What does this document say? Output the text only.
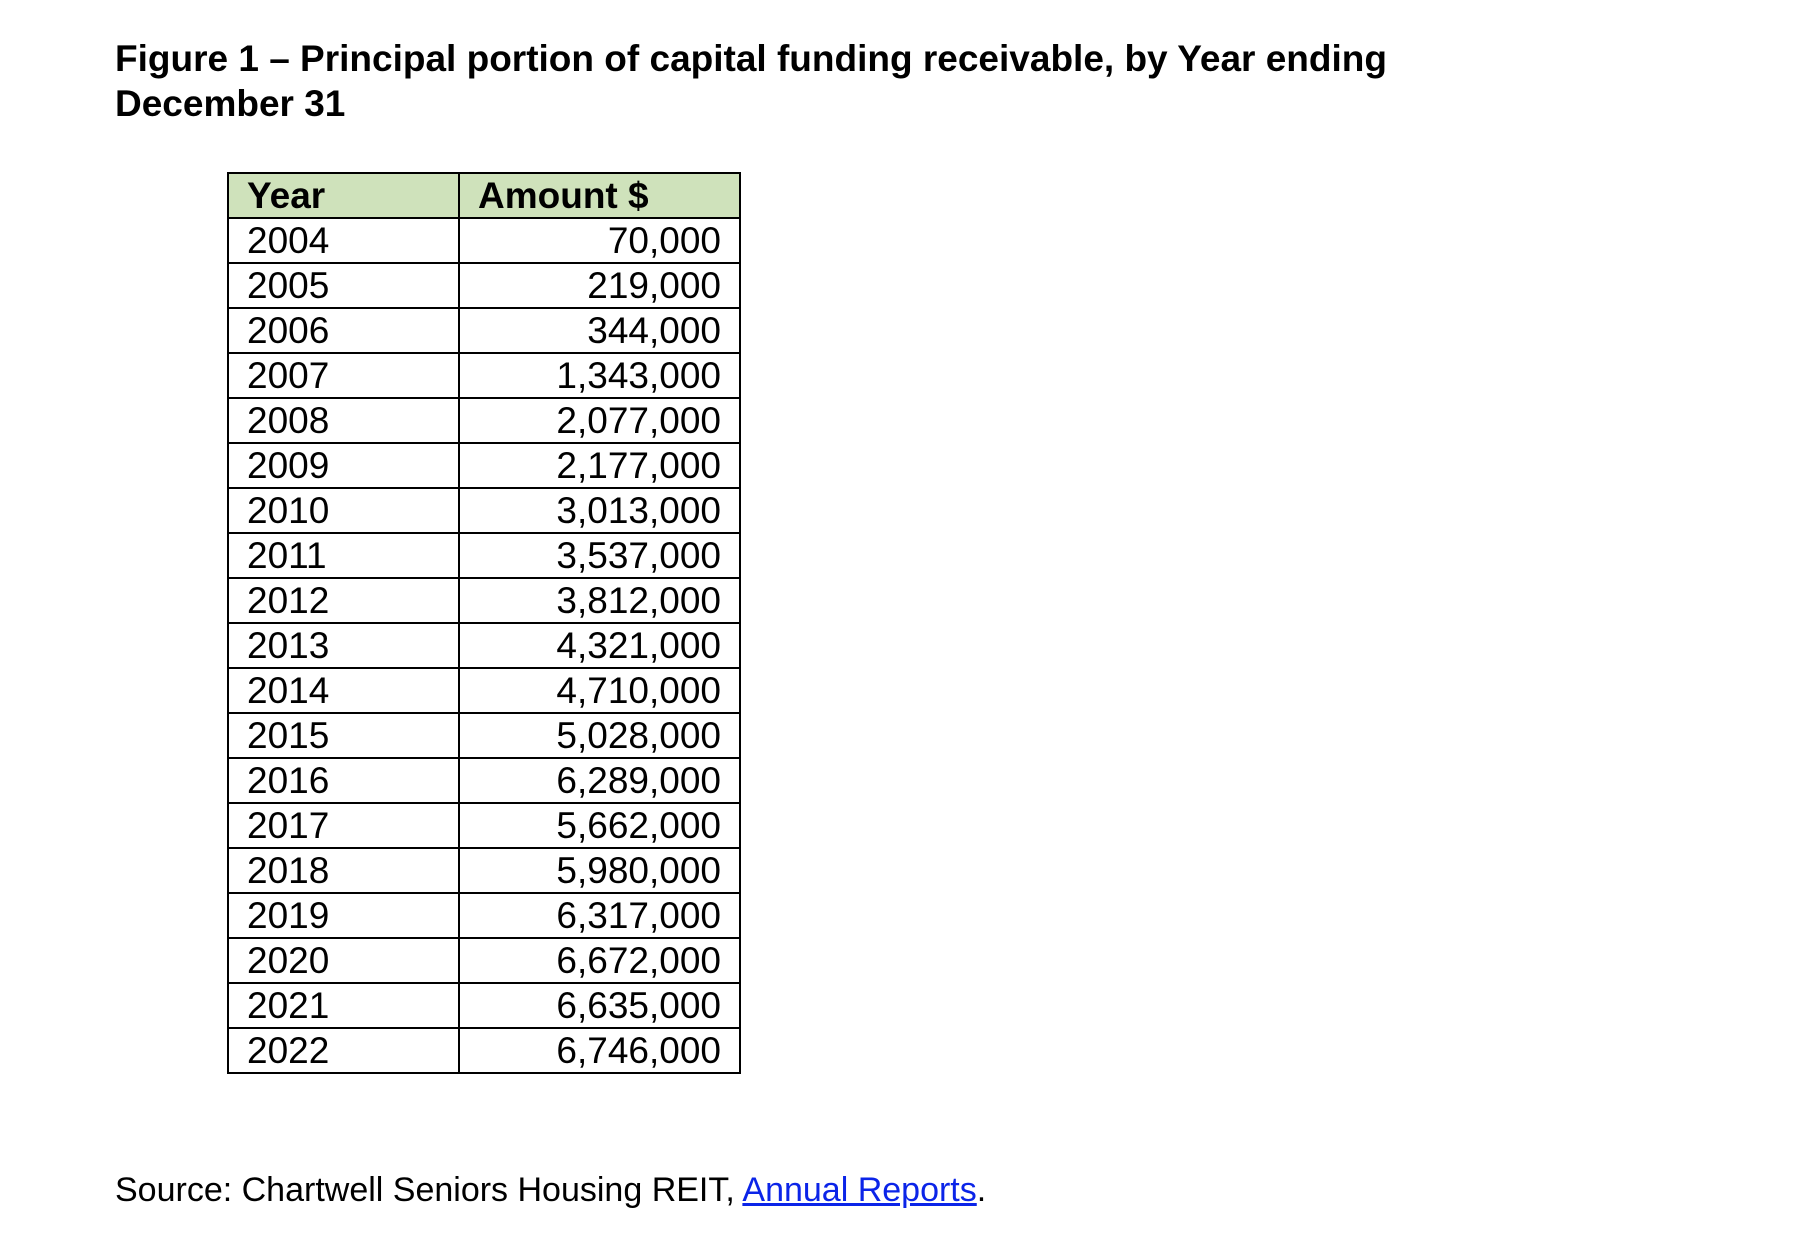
Figure 1 – Principal portion of capital funding receivable, by Year ending December 31
Year	Amount $
2004	70,000
2005	219,000
2006	344,000
2007	1,343,000
2008	2,077,000
2009	2,177,000
2010	3,013,000
2011	3,537,000
2012	3,812,000
2013	4,321,000
2014	4,710,000
2015	5,028,000
2016	6,289,000
2017	5,662,000
2018	5,980,000
2019	6,317,000
2020	6,672,000
2021	6,635,000
2022	6,746,000

Source: Chartwell Seniors Housing REIT, Annual Reports.
